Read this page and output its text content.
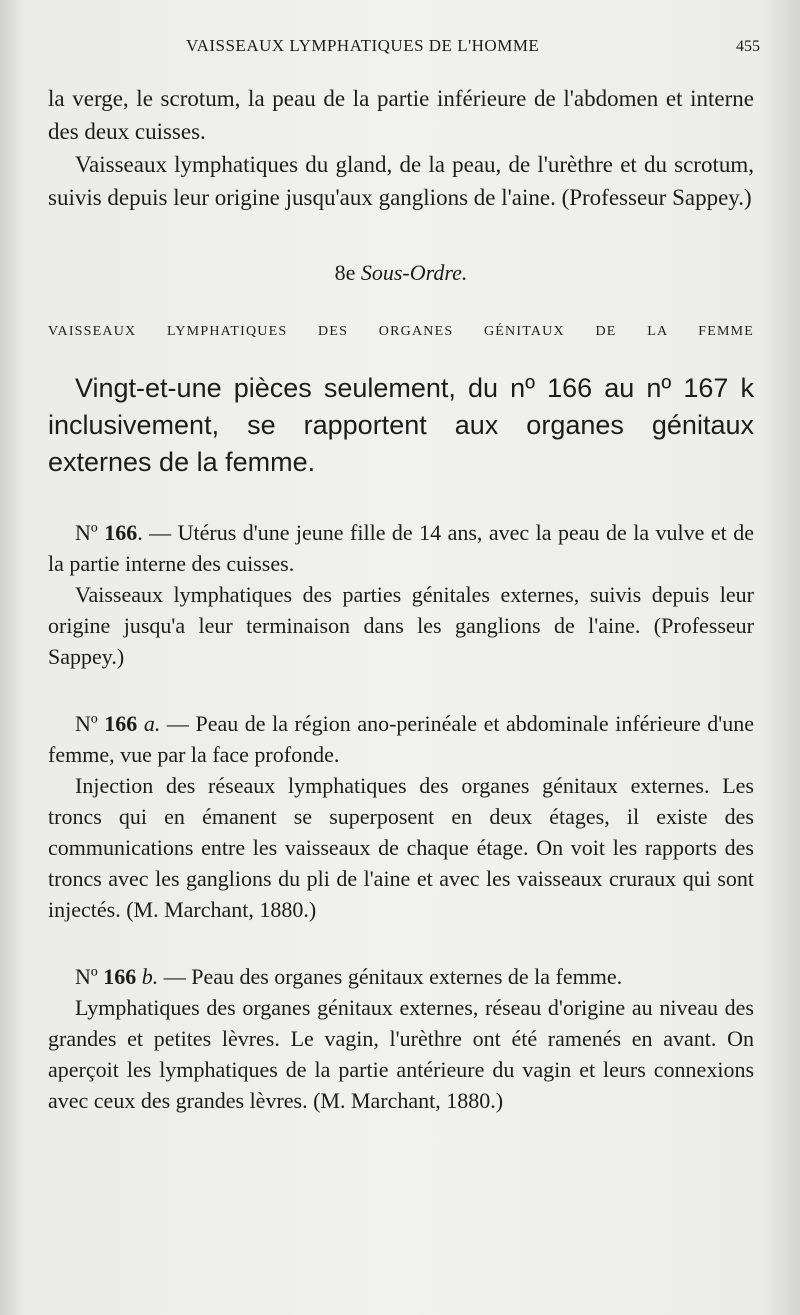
VAISSEAUX LYMPHATIQUES DE L'HOMME	455

la verge, le scrotum, la peau de la partie inférieure de l'abdomen et interne des deux cuisses.

Vaisseaux lymphatiques du gland, de la peau, de l'urèthre et du scrotum, suivis depuis leur origine jusqu'aux ganglions de l'aine. (Professeur Sappey.)

8e Sous-Ordre.
VAISSEAUX LYMPHATIQUES DES ORGANES GÉNITAUX DE LA FEMME

Vingt-et-une pièces seulement, du nº 166 au nº 167 k inclusivement, se rapportent aux organes génitaux externes de la femme.

Nº 166. — Utérus d'une jeune fille de 14 ans, avec la peau de la vulve et de la partie interne des cuisses.

Vaisseaux lymphatiques des parties génitales externes, suivis depuis leur origine jusqu'a leur terminaison dans les ganglions de l'aine. (Professeur Sappey.)

Nº 166 a. — Peau de la région ano-perinéale et abdominale inférieure d'une femme, vue par la face profonde.

Injection des réseaux lymphatiques des organes génitaux externes. Les troncs qui en émanent se superposent en deux étages, il existe des communications entre les vaisseaux de chaque étage. On voit les rapports des troncs avec les ganglions du pli de l'aine et avec les vaisseaux cruraux qui sont injectés. (M. Marchant, 1880.)

Nº 166 b. — Peau des organes génitaux externes de la femme.

Lymphatiques des organes génitaux externes, réseau d'origine au niveau des grandes et petites lèvres. Le vagin, l'urèthre ont été ramenés en avant. On aperçoit les lymphatiques de la partie antérieure du vagin et leurs connexions avec ceux des grandes lèvres. (M. Marchant, 1880.)
